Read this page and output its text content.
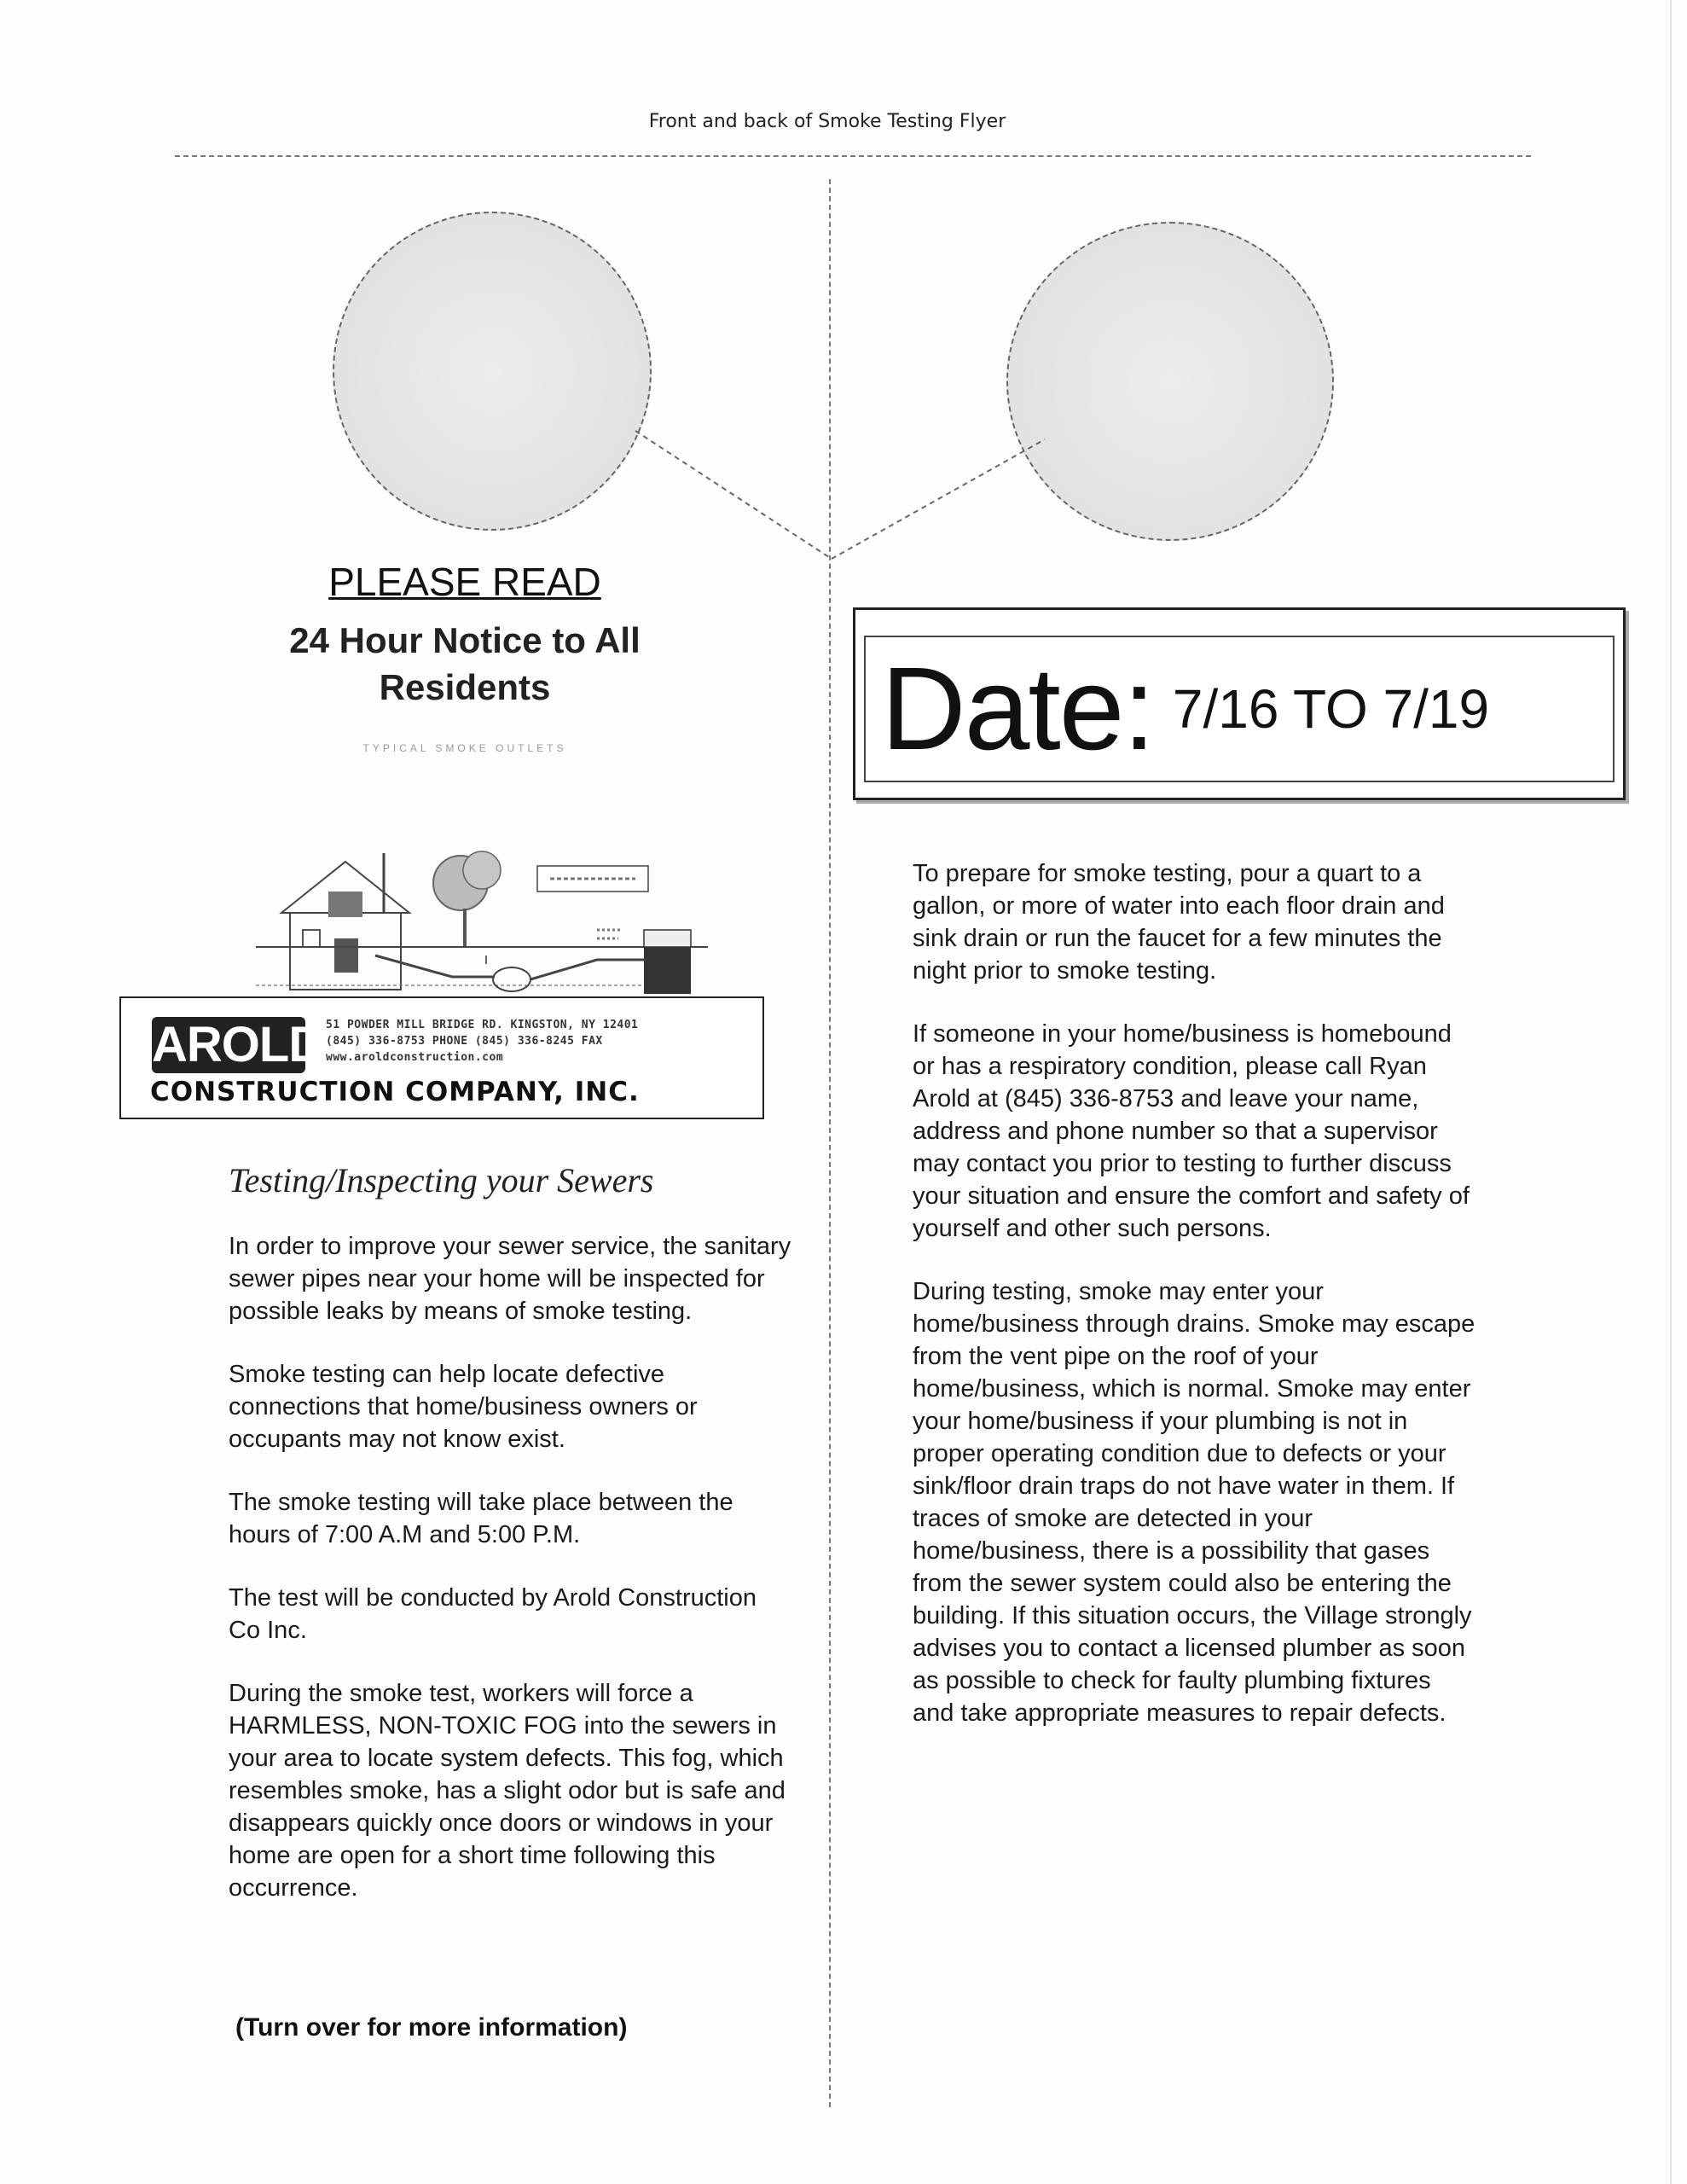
Front and back of Smoke Testing Flyer
PLEASE READ
24 Hour Notice to All
Residents
TYPICAL SMOKE OUTLETS
AROLD 51 POWDER MILL BRIDGE RD. KINGSTON, NY 12401
(845) 336-8753 PHONE (845) 336-8245 FAX
www.aroldconstruction.com
CONSTRUCTION COMPANY, INC.
Testing/Inspecting your Sewers

In order to improve your sewer service, the sanitary sewer pipes near your home will be inspected for possible leaks by means of smoke testing.

Smoke testing can help locate defective connections that home/business owners or occupants may not know exist.

The smoke testing will take place between the hours of 7:00 A.M and 5:00 P.M.

The test will be conducted by Arold Construction Co Inc.

During the smoke test, workers will force a HARMLESS, NON-TOXIC FOG into the sewers in your area to locate system defects. This fog, which resembles smoke, has a slight odor but is safe and disappears quickly once doors or windows in your home are open for a short time following this occurrence.

(Turn over for more information)
Date: 7/16 TO 7/19

To prepare for smoke testing, pour a quart to a gallon, or more of water into each floor drain and sink drain or run the faucet for a few minutes the night prior to smoke testing.

If someone in your home/business is homebound or has a respiratory condition, please call Ryan Arold at (845) 336-8753 and leave your name, address and phone number so that a supervisor may contact you prior to testing to further discuss your situation and ensure the comfort and safety of yourself and other such persons.

During testing, smoke may enter your home/business through drains. Smoke may escape from the vent pipe on the roof of your home/business, which is normal. Smoke may enter your home/business if your plumbing is not in proper operating condition due to defects or your sink/floor drain traps do not have water in them. If traces of smoke are detected in your home/business, there is a possibility that gases from the sewer system could also be entering the building. If this situation occurs, the Village strongly advises you to contact a licensed plumber as soon as possible to check for faulty plumbing fixtures and take appropriate measures to repair defects.
